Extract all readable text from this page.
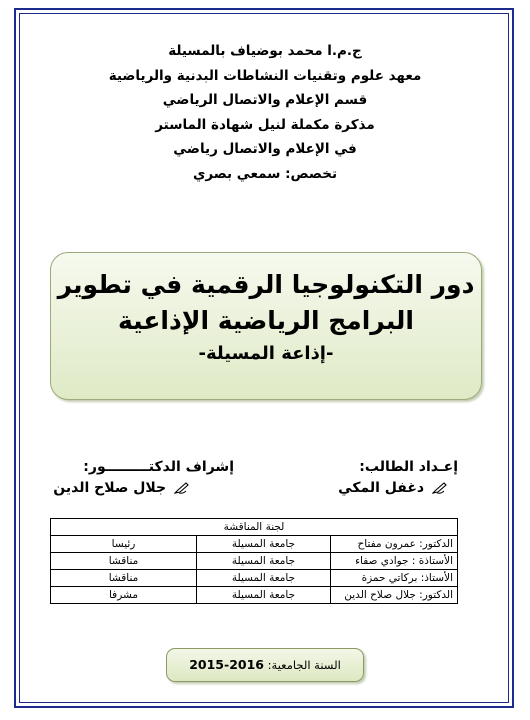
ج.م.ا محمد بوضياف بالمسيلة
معهد علوم وتقنيات النشاطات البدنية والرياضية
قسم الإعلام والاتصال الرياضي
مذكرة مكملة لنيل شهادة الماستر
في الإعلام والاتصال رياضي
تخصص: سمعي بصري
دور التكنولوجيا الرقمية في تطوير
البرامج الرياضية الإذاعية
-إذاعة المسيلة-
إعـداد الطالب:
دغفل المكي
إشراف الدكتـــــــــور:
جلال صلاح الدين
لجنة المناقشة		
الدكتور: عمرون مفتاح	جامعة المسيلة	رئيسا
الأستاذة : جوادي صفاء	جامعة المسيلة	مناقشا
الأستاذ: بركاتي حمزة	جامعة المسيلة	مناقشا
الدكتور: جلال صلاح الدين	جامعة المسيلة	مشرفا
السنة الجامعية: 2016-2015
